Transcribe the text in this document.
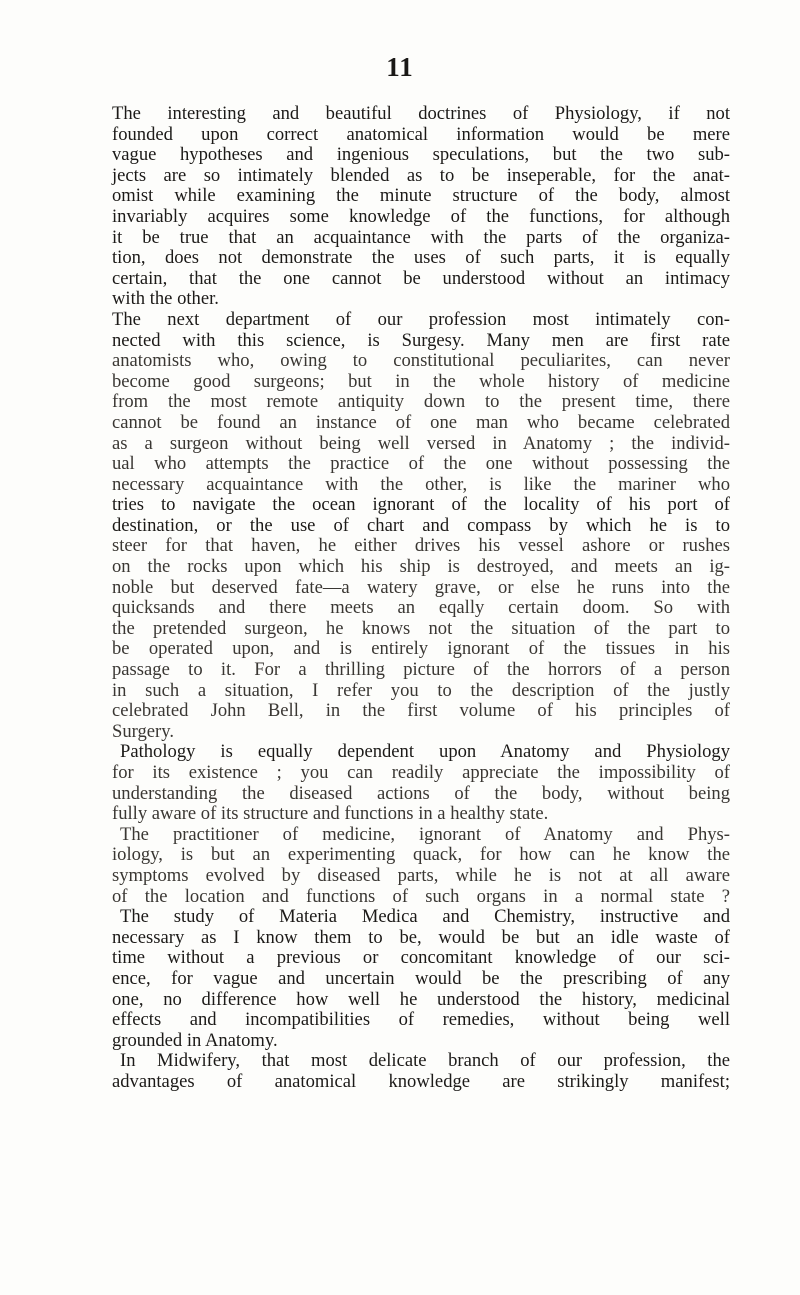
11
The interesting and beautiful doctrines of Physiology, if not
founded upon correct anatomical information would be mere
vague hypotheses and ingenious speculations, but the two sub-
jects are so intimately blended as to be inseperable, for the anat-
omist while examining the minute structure of the body, almost
invariably acquires some knowledge of the functions, for although
it be true that an acquaintance with the parts of the organiza-
tion, does not demonstrate the uses of such parts, it is equally
certain, that the one cannot be understood without an intimacy
with the other.
The next department of our profession most intimately con-
nected with this science, is Surgesy. Many men are first rate
anatomists who, owing to constitutional peculiarites, can never
become good surgeons; but in the whole history of medicine
from the most remote antiquity down to the present time, there
cannot be found an instance of one man who became celebrated
as a surgeon without being well versed in Anatomy ; the individ-
ual who attempts the practice of the one without possessing the
necessary acquaintance with the other, is like the mariner who
tries to navigate the ocean ignorant of the locality of his port of
destination, or the use of chart and compass by which he is to
steer for that haven, he either drives his vessel ashore or rushes
on the rocks upon which his ship is destroyed, and meets an ig-
noble but deserved fate—a watery grave, or else he runs into the
quicksands and there meets an eqally certain doom. So with
the pretended surgeon, he knows not the situation of the part to
be operated upon, and is entirely ignorant of the tissues in his
passage to it. For a thrilling picture of the horrors of a person
in such a situation, I refer you to the description of the justly
celebrated John Bell, in the first volume of his principles of
Surgery.
Pathology is equally dependent upon Anatomy and Physiology
for its existence ; you can readily appreciate the impossibility of
understanding the diseased actions of the body, without being
fully aware of its structure and functions in a healthy state.
The practitioner of medicine, ignorant of Anatomy and Phys-
iology, is but an experimenting quack, for how can he know the
symptoms evolved by diseased parts, while he is not at all aware
of the location and functions of such organs in a normal state ?
The study of Materia Medica and Chemistry, instructive and
necessary as I know them to be, would be but an idle waste of
time without a previous or concomitant knowledge of our sci-
ence, for vague and uncertain would be the prescribing of any
one, no difference how well he understood the history, medicinal
effects and incompatibilities of remedies, without being well
grounded in Anatomy.
In Midwifery, that most delicate branch of our profession, the
advantages of anatomical knowledge are strikingly manifest;
